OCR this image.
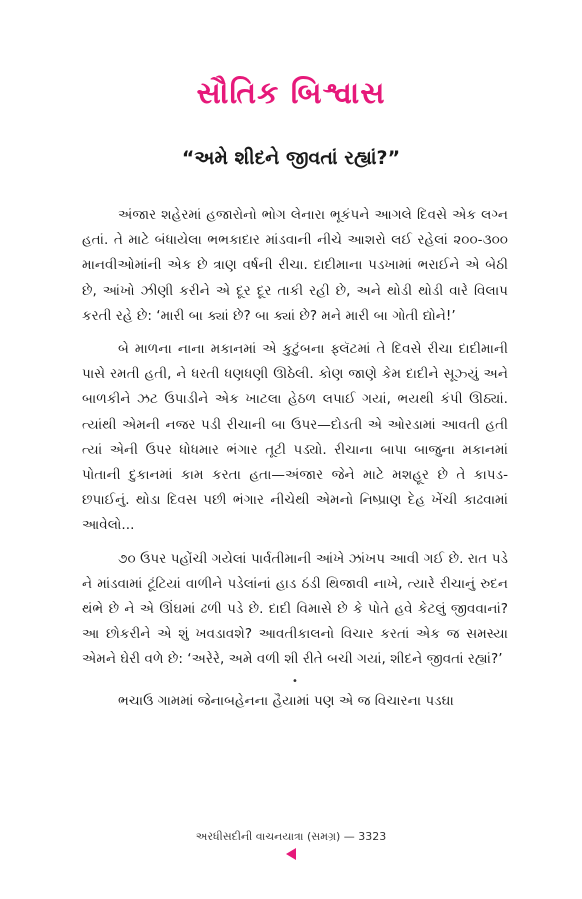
સૌતિક બિશ્વાસ
“અમે શીદને જીવતાં રહ્યાં?”

અંજાર શહેરમાં હજારોનો ભોગ લેનારા ભૂકંપને આગલે દિવસે એક લગ્ન હતાં. તે માટે બંધાયેલા ભભકાદાર માંડવાની નીચે આશરો લઈ રહેલાં ૨૦૦-૩૦૦ માનવીઓમાંની એક છે ત્રાણ વર્ષની રીચા. દાદીમાના પડખામાં ભરાઈને એ બેઠી છે, આંખો ઝીણી કરીને એ દૂર દૂર તાકી રહી છે, અને થોડી થોડી વારે વિલાપ કરતી રહે છે: ‘મારી બા ક્યાં છે? બા ક્યાં છે? મને મારી બા ગોતી દ્યોને!’

બે માળના નાના મકાનમાં એ કુટુંબના ફ્લૅટમાં તે દિવસે રીચા દાદીમાની પાસે રમતી હતી, ને ધરતી ધણધણી ઊઠેલી. કોણ જાણે કેમ દાદીને સૂઝ્યું અને બાળકીને ઝટ ઉપાડીને એક ખાટલા હેઠળ લપાઈ ગયાં, ભયથી કંપી ઊઠ્યાં. ત્યાંથી એમની નજર પડી રીચાની બા ઉપર—દોડતી એ ઓરડામાં આવતી હતી ત્યાં એની ઉપર ધોધમાર ભંગાર તૂટી પડ્યો. રીચાના બાપા બાજુના મકાનમાં પોતાની દુકાનમાં કામ કરતા હતા—અંજાર જેને માટે મશહૂર છે તે કાપડ-છપાઈનું. થોડા દિવસ પછી ભંગાર નીચેથી એમનો નિષ્પ્રાણ દેહ ખેંચી કાઢવામાં આવેલો...

૭૦ ઉપર પહોંચી ગયેલાં પાર્વતીમાની આંખે ઝાંખપ આવી ગઈ છે. રાત પડે ને માંડવામાં ટૂંટિયાં વાળીને પડેલાંનાં હાડ ઠંડી થિજાવી નાખે, ત્યારે રીચાનું રુદન થંભે છે ને એ ઊંઘમાં ઢળી પડે છે. દાદી વિમાસે છે કે પોતે હવે કેટલું જીવવાનાં? આ છોકરીને એ શું ખવડાવશે? આવતીકાલનો વિચાર કરતાં એક જ સમસ્યા એમને ઘેરી વળે છે: ‘અરેરે, અમે વળી શી રીતે બચી ગયાં, શીદને જીવતાં રહ્યાં?’

•

ભચાઉ ગામમાં જેનાબહેનના હૈયામાં પણ એ જ વિચારના પડઘા

અરધીસદીની વાચનયાત્રા (સમગ્ર) — 3323
